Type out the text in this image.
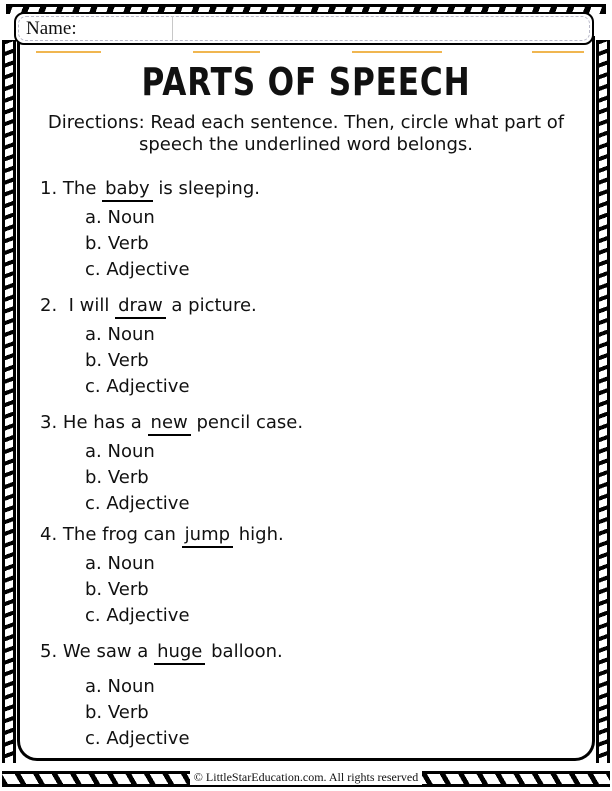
Name:
PARTS OF SPEECH
Directions: Read each sentence. Then, circle what part of speech the underlined word belongs.
1. The baby is sleeping.
a. Noun
b. Verb
c. Adjective
2.  I will draw a picture.
a. Noun
b. Verb
c. Adjective
3. He has a new pencil case.
a. Noun
b. Verb
c. Adjective
4. The frog can jump high.
a. Noun
b. Verb
c. Adjective
5. We saw a huge balloon.
a. Noun
b. Verb
c. Adjective
© LittleStarEducation.com. All rights reserved
